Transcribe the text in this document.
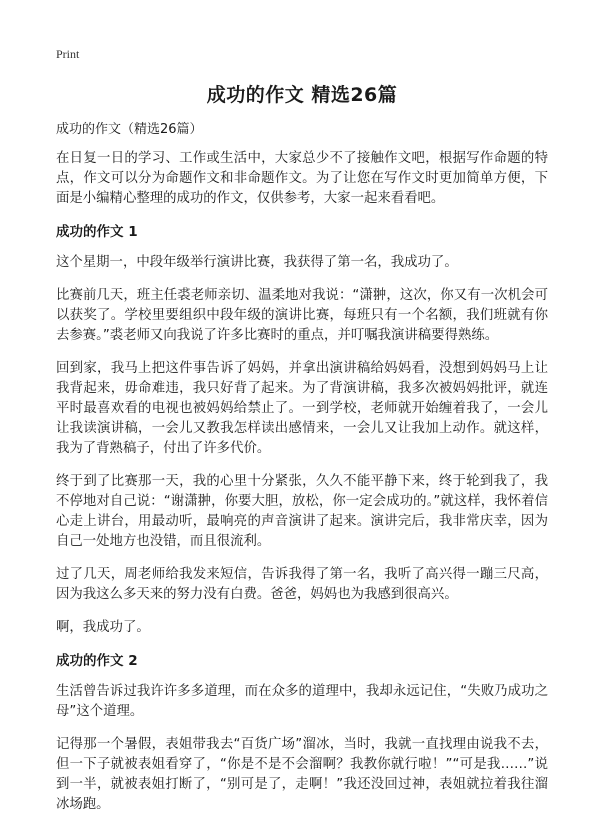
Print
成功的作文 精选26篇

成功的作文（精选26篇）

在日复一日的学习、工作或生活中，大家总少不了接触作文吧，根据写作命题的特点，作文可以分为命题作文和非命题作文。为了让您在写作文时更加简单方便，下面是小编精心整理的成功的作文，仅供参考，大家一起来看看吧。

成功的作文 1

这个星期一，中段年级举行演讲比赛，我获得了第一名，我成功了。

比赛前几天，班主任裘老师亲切、温柔地对我说：“潇翀，这次，你又有一次机会可以获奖了。学校里要组织中段年级的演讲比赛，每班只有一个名额，我们班就有你去参赛。”裘老师又向我说了许多比赛时的重点，并叮嘱我演讲稿要得熟练。

回到家，我马上把这件事告诉了妈妈，并拿出演讲稿给妈妈看，没想到妈妈马上让我背起来，毋命难违，我只好背了起来。为了背演讲稿，我多次被妈妈批评，就连平时最喜欢看的电视也被妈妈给禁止了。一到学校，老师就开始缠着我了，一会儿让我读演讲稿，一会儿又教我怎样读出感情来，一会儿又让我加上动作。就这样，我为了背熟稿子，付出了许多代价。

终于到了比赛那一天，我的心里十分紧张，久久不能平静下来，终于轮到我了，我不停地对自己说：“谢潇翀，你要大胆，放松，你一定会成功的。”就这样，我怀着信心走上讲台，用最动听，最响亮的声音演讲了起来。演讲完后，我非常庆幸，因为自己一处地方也没错，而且很流利。

过了几天，周老师给我发来短信，告诉我得了第一名，我听了高兴得一蹦三尺高，因为我这么多天来的努力没有白费。爸爸，妈妈也为我感到很高兴。

啊，我成功了。

成功的作文 2

生活曾告诉过我许许多多道理，而在众多的道理中，我却永远记住，“失败乃成功之母”这个道理。

记得那一个暑假，表姐带我去“百货广场”溜冰，当时，我就一直找理由说我不去，但一下子就被表姐看穿了，“你是不是不会溜啊？我教你就行啦！”“可是我……”说到一半，就被表姐打断了，“别可是了，走啊！”我还没回过神，表姐就拉着我往溜冰场跑。
